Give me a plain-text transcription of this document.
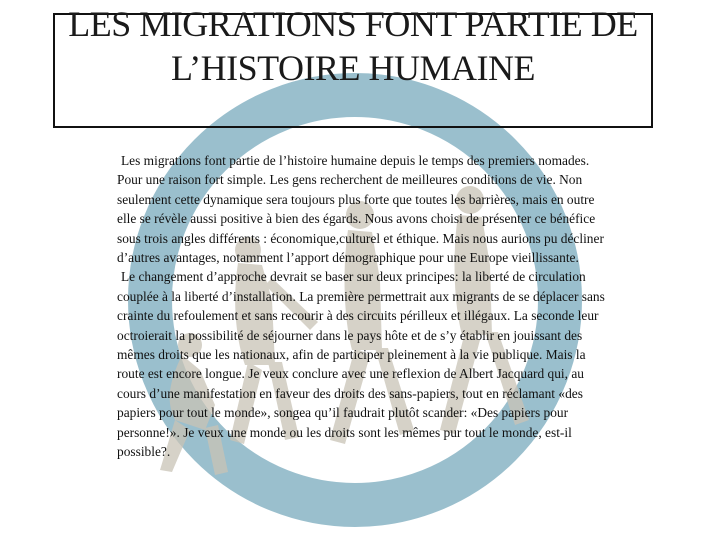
LES MIGRATIONS FONT PARTIE DE L’HISTOIRE HUMAINE

Les migrations font partie de l’histoire humaine depuis le temps des premiers nomades. Pour une raison fort simple. Les gens recherchent de meilleures conditions de vie. Non seulement cette dynamique sera toujours plus forte que toutes les barrières, mais en outre elle se révèle aussi positive à bien des égards. Nous avons choisi de présenter ce bénéfice sous trois angles différents : économique,culturel et éthique. Mais nous aurions pu décliner d’autres avantages, notamment l’apport démographique pour une Europe vieillissante.

Le changement d’approche devrait se baser sur deux principes: la liberté de circulation couplée à la liberté d’installation. La première permettrait aux migrants de se déplacer sans crainte du refoulement et sans recourir à des circuits périlleux et illégaux. La seconde leur octroierait la possibilité de séjourner dans le pays hôte et de s’y établir en jouissant des mêmes droits que les nationaux, afin de participer pleinement à la vie publique. Mais la route est encore longue. Je veux conclure avec une reflexion de Albert Jacquard qui, au cours d’une manifestation en faveur des droits des sans-papiers, tout en réclamant «des papiers pour tout le monde», songea qu’il faudrait plutôt scander: «Des papiers pour personne!». Je veux une monde ou les droits sont les mêmes pur tout le monde, est-il possible?.
